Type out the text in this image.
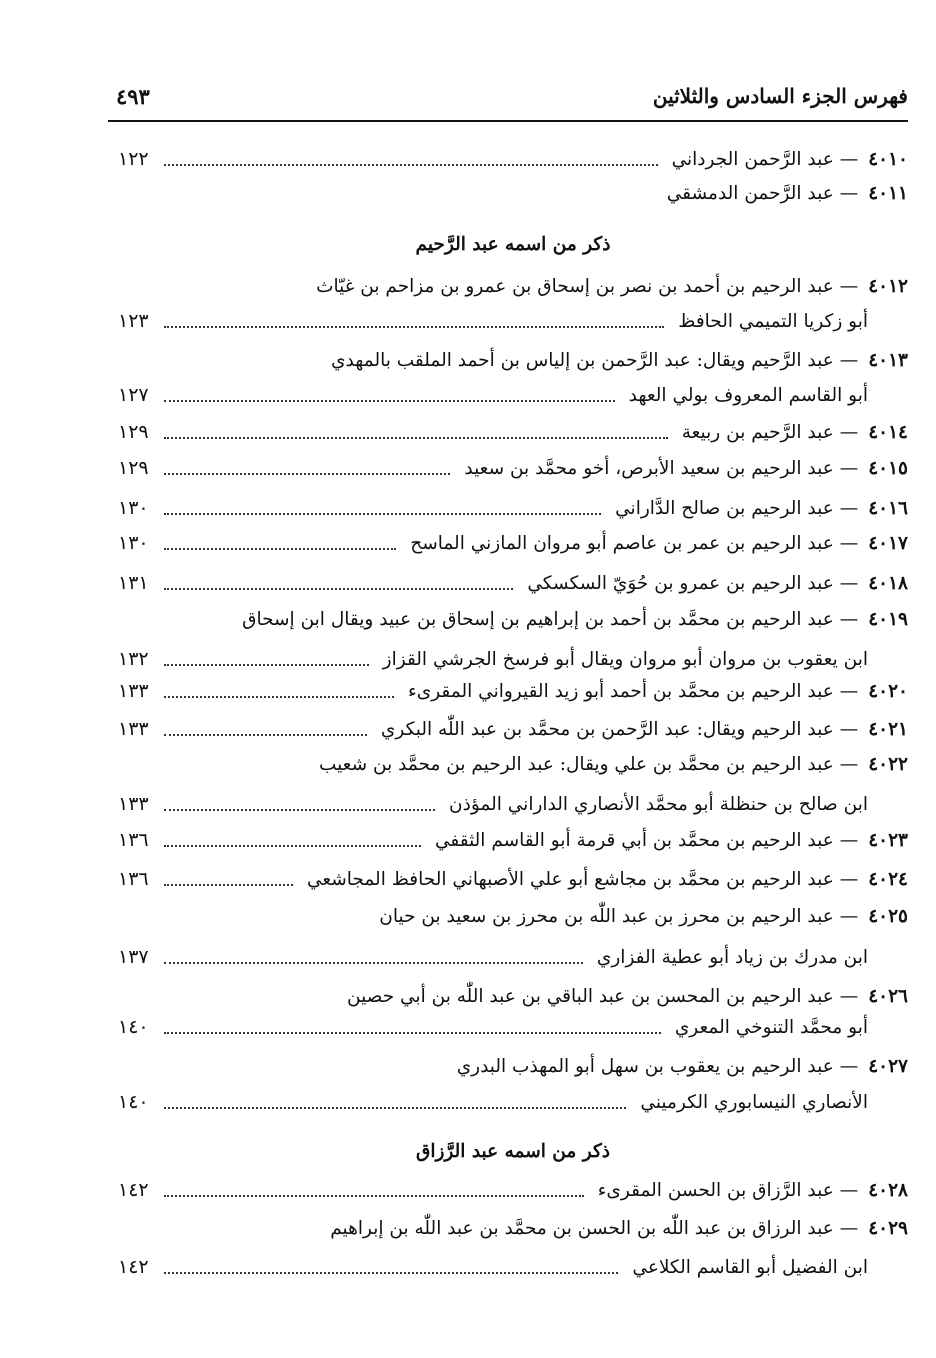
فهرس الجزء السادس والثلاثين
٤٩٣
٤٠١٠
—
عبد الرَّحمن الجرداني
١٢٢
٤٠١١
—
عبد الرَّحمن الدمشقي
ذكر من اسمه عبد الرَّحيم
٤٠١٢
—
عبد الرحيم بن أحمد بن نصر بن إسحاق بن عمرو بن مزاحم بن غيّاث
أبو زكريا التميمي الحافظ
١٢٣
٤٠١٣
—
عبد الرَّحيم ويقال: عبد الرَّحمن بن إلياس بن أحمد الملقب بالمهدي
أبو القاسم المعروف بولي العهد
١٢٧
٤٠١٤
—
عبد الرَّحيم بن ربيعة
١٢٩
٤٠١٥
—
عبد الرحيم بن سعيد الأبرص، أخو محمَّد بن سعيد
١٢٩
٤٠١٦
—
عبد الرحيم بن صالح الدَّاراني
١٣٠
٤٠١٧
—
عبد الرحيم بن عمر بن عاصم أبو مروان المازني الماسح
١٣٠
٤٠١٨
—
عبد الرحيم بن عمرو بن حُوَيّ السكسكي
١٣١
٤٠١٩
—
عبد الرحيم بن محمَّد بن أحمد بن إبراهيم بن إسحاق بن عبيد ويقال ابن إسحاق
ابن يعقوب بن مروان أبو مروان ويقال أبو فرسخ الجرشي القزاز
١٣٢
٤٠٢٠
—
عبد الرحيم بن محمَّد بن أحمد أبو زيد القيرواني المقرىء
١٣٣
٤٠٢١
—
عبد الرحيم ويقال: عبد الرَّحمن بن محمَّد بن عبد اللّٰه البكري
١٣٣
٤٠٢٢
—
عبد الرحيم بن محمَّد بن علي ويقال: عبد الرحيم بن محمَّد بن شعيب
ابن صالح بن حنظلة أبو محمَّد الأنصاري الداراني المؤذن
١٣٣
٤٠٢٣
—
عبد الرحيم بن محمَّد بن أبي قرمة أبو القاسم الثقفي
١٣٦
٤٠٢٤
—
عبد الرحيم بن محمَّد بن مجاشع أبو علي الأصبهاني الحافظ المجاشعي
١٣٦
٤٠٢٥
—
عبد الرحيم بن محرز بن عبد اللّٰه بن محرز بن سعيد بن حيان
ابن مدرك بن زياد أبو عطية الفزاري
١٣٧
٤٠٢٦
—
عبد الرحيم بن المحسن بن عبد الباقي بن عبد اللّٰه بن أبي حصين
أبو محمَّد التنوخي المعري
١٤٠
٤٠٢٧
—
عبد الرحيم بن يعقوب بن سهل أبو المهذب البدري
الأنصاري النيسابوري الكرميني
١٤٠
ذكر من اسمه عبد الرَّزاق
٤٠٢٨
—
عبد الرَّزاق بن الحسن المقرىء
١٤٢
٤٠٢٩
—
عبد الرزاق بن عبد اللّٰه بن الحسن بن محمَّد بن عبد اللّٰه بن إبراهيم
ابن الفضيل أبو القاسم الكلاعي
١٤٢
